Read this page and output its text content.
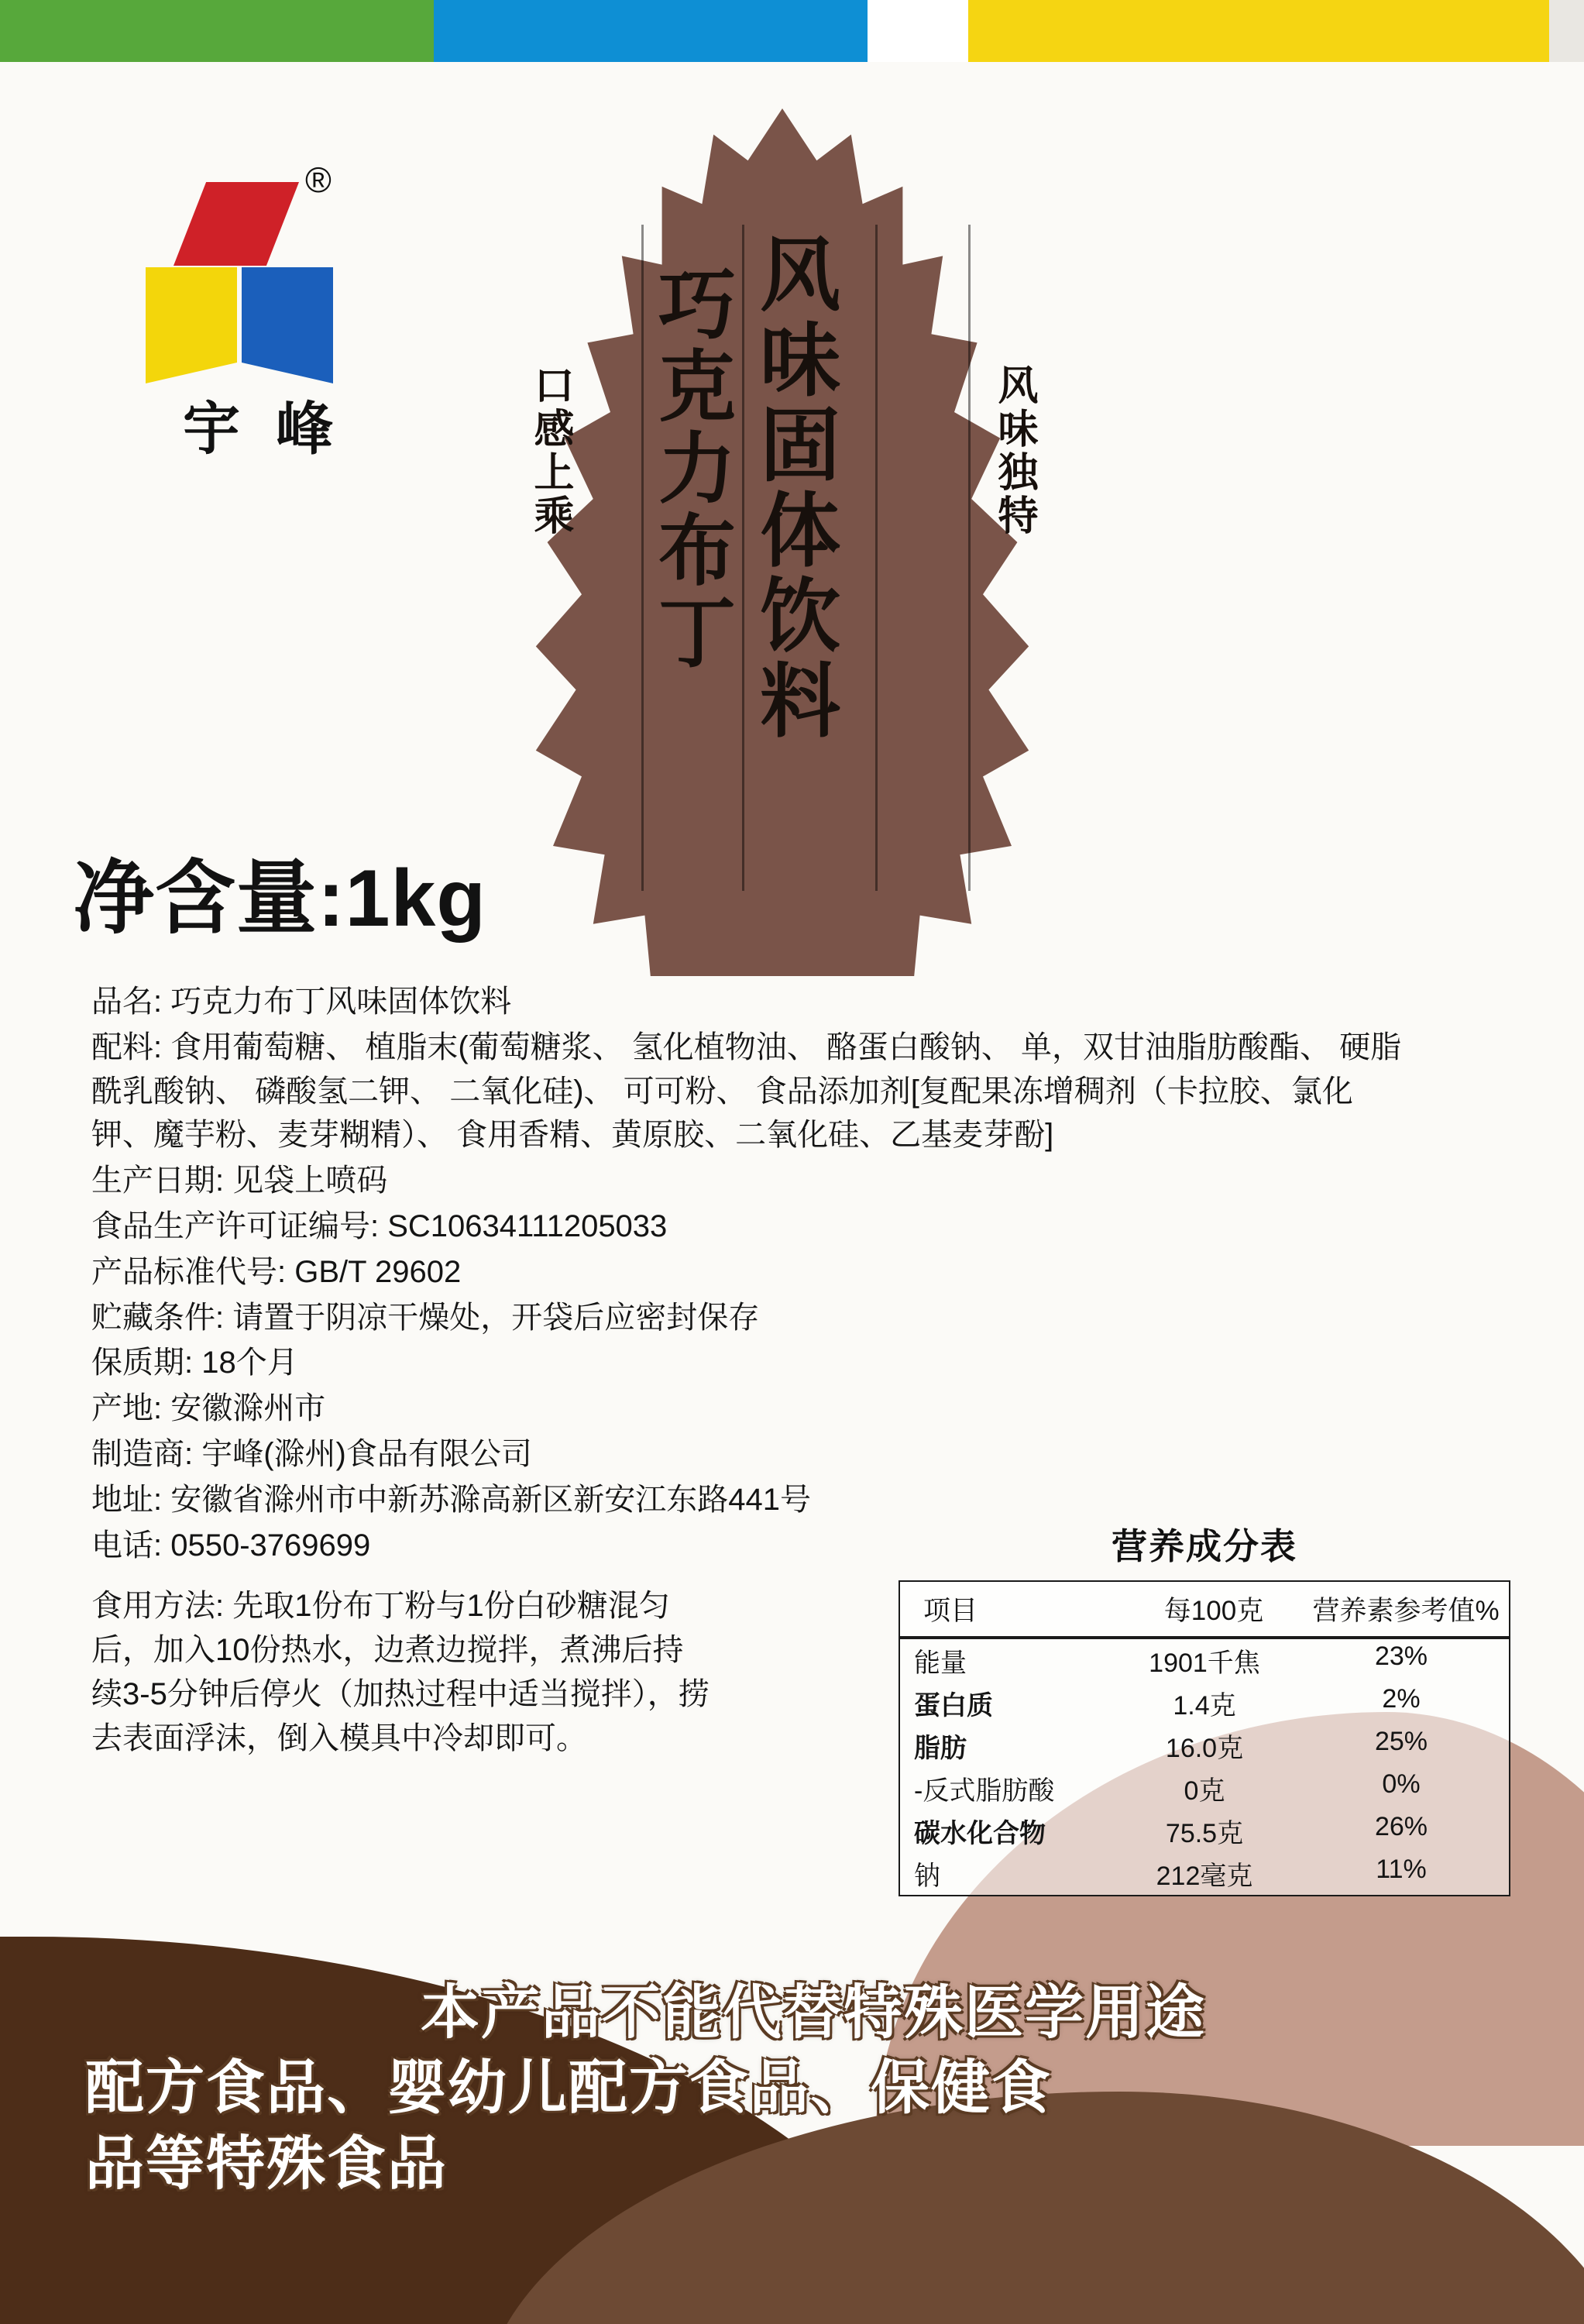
®
宇峰	风味固体饮料
巧克力布丁
口感上乘	风味独特
净含量:1kg

品名: 巧克力布丁风味固体饮料

配料: 食用葡萄糖、 植脂末(葡萄糖浆、 氢化植物油、 酪蛋白酸钠、 单，双甘油脂肪酸酯、 硬脂酰乳酸钠、 磷酸氢二钾、 二氧化硅)、 可可粉、 食品添加剂[复配果冻增稠剂（卡拉胶、氯化钾、魔芋粉、麦芽糊精）、 食用香精、黄原胶、二氧化硅、乙基麦芽酚]

生产日期: 见袋上喷码

食品生产许可证编号: SC10634111205033

产品标准代号: GB/T 29602

贮藏条件: 请置于阴凉干燥处，开袋后应密封保存

保质期: 18个月

产地: 安徽滁州市

制造商: 宇峰(滁州)食品有限公司

地址: 安徽省滁州市中新苏滁高新区新安江东路441号

电话: 0550-3769699

食用方法: 先取1份布丁粉与1份白砂糖混匀后，加入10份热水，边煮边搅拌，煮沸后持续3-5分钟后停火（加热过程中适当搅拌），捞去表面浮沫，倒入模具中冷却即可。

营养成分表
项目	每100克	营养素参考值%
能量	1901千焦	23%
蛋白质	1.4克	2%
脂肪	16.0克	25%
-反式脂肪酸	0克	0%
碳水化合物	75.5克	26%
钠	212毫克	11%
本产品不能代替特殊医学用途
配方食品、婴幼儿配方食品、保健食
品等特殊食品
